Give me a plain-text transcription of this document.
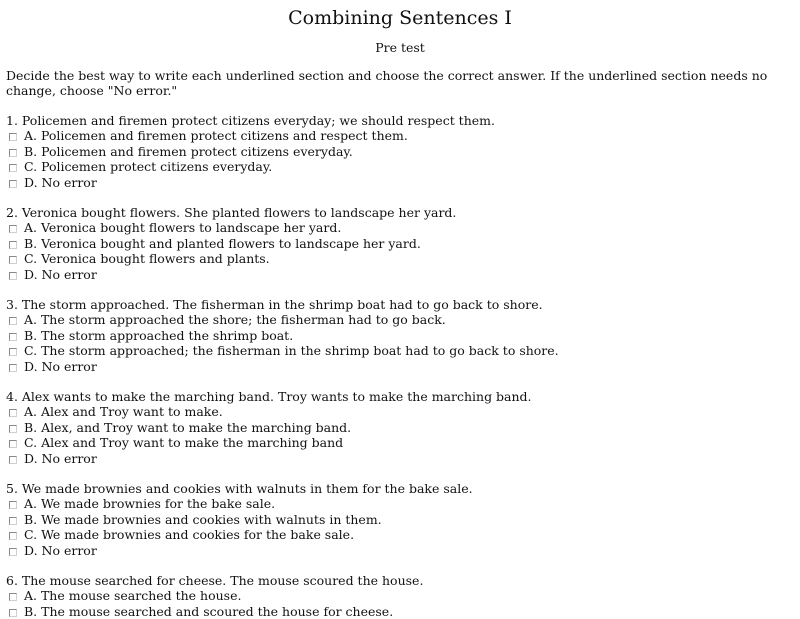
Combining Sentences I
Pre test
Decide the best way to write each underlined section and choose the correct answer. If the underlined section needs no change, choose "No error."
1. Policemen and firemen protect citizens everyday; we should respect them.
A. Policemen and firemen protect citizens and respect them.
B. Policemen and firemen protect citizens everyday.
C. Policemen protect citizens everyday.
D. No error
2. Veronica bought flowers. She planted flowers to landscape her yard.
A. Veronica bought flowers to landscape her yard.
B. Veronica bought and planted flowers to landscape her yard.
C. Veronica bought flowers and plants.
D. No error
3. The storm approached. The fisherman in the shrimp boat had to go back to shore.
A. The storm approached the shore; the fisherman had to go back.
B. The storm approached the shrimp boat.
C. The storm approached; the fisherman in the shrimp boat had to go back to shore.
D. No error
4. Alex wants to make the marching band. Troy wants to make the marching band.
A. Alex and Troy want to make.
B. Alex, and Troy want to make the marching band.
C. Alex and Troy want to make the marching band
D. No error
5. We made brownies and cookies with walnuts in them for the bake sale.
A. We made brownies for the bake sale.
B. We made brownies and cookies with walnuts in them.
C. We made brownies and cookies for the bake sale.
D. No error
6. The mouse searched for cheese. The mouse scoured the house.
A. The mouse searched the house.
B. The mouse searched and scoured the house for cheese.
